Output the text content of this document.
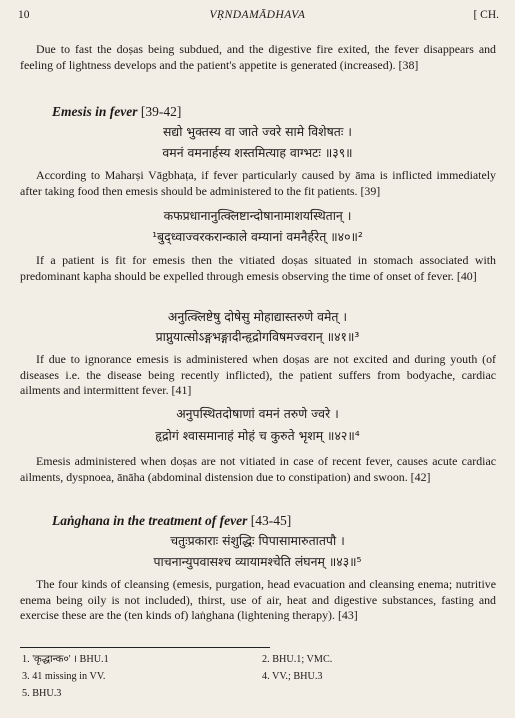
10	VṚNDAMĀDHAVA	[ CH.
Due to fast the doṣas being subdued, and the digestive fire exited, the fever disappears and feeling of lightness develops and the patient's appetite is generated (increased). [38]
Emesis in fever [39-42]
सद्यो भुक्तस्य वा जाते ज्वरे सामे विशेषतः ।
वमनं वमनार्हस्य शस्तमित्याह वाग्भटः ॥३९॥
According to Maharṣi Vāgbhaṭa, if fever particularly caused by āma is inflicted immediately after taking food then emesis should be administered to the fit patients. [39]
कफप्रधानानुत्क्लिष्टान्दोषानामाशयस्थितान् ।
¹बुद्ध्वाज्वरकरान्काले वम्यानां वमनैर्हरेत् ॥४०॥²
If a patient is fit for emesis then the vitiated doṣas situated in stomach associated with predominant kapha should be expelled through emesis observing the time of onset of fever. [40]
अनुत्क्लिष्टेषु दोषेसु मोहाद्यास्तरुणे वमेत् ।
प्राप्नुयात्सोऽङ्गभङ्गादीन्हृद्रोगविषमज्वरान् ॥४१॥³
If due to ignorance emesis is administered when doṣas are not excited and during youth (of diseases i.e. the disease being recently inflicted), the patient suffers from bodyache, cardiac ailments and intermittent fever. [41]
अनुपस्थितदोषाणां वमनं तरुणे ज्वरे ।
हृद्रोगं श्वासमानाहं मोहं च कुरुते भृशम् ॥४२॥⁴
Emesis administered when doṣas are not vitiated in case of recent fever, causes acute cardiac ailments, dyspnoea, ānāha (abdominal distension due to constipation) and swoon. [42]
Laṅghana in the treatment of fever [43-45]
चतुःप्रकाराः संशुद्धिः पिपासामारुतातपौ ।
पाचनान्युपवासश्च व्यायामश्चेति लंघनम् ॥४३॥⁵
The four kinds of cleansing (emesis, purgation, head evacuation and cleansing enema; nutritive enema being oily is not included), thirst, use of air, heat and digestive substances, fasting and exercise these are the (ten kinds of) laṅghana (lightening therapy). [43]
1. 'कृद्धान्क०' । BHU.1	2. BHU.1; VMC.
3. 41 missing in VV.	4. VV.; BHU.3
5. BHU.3
